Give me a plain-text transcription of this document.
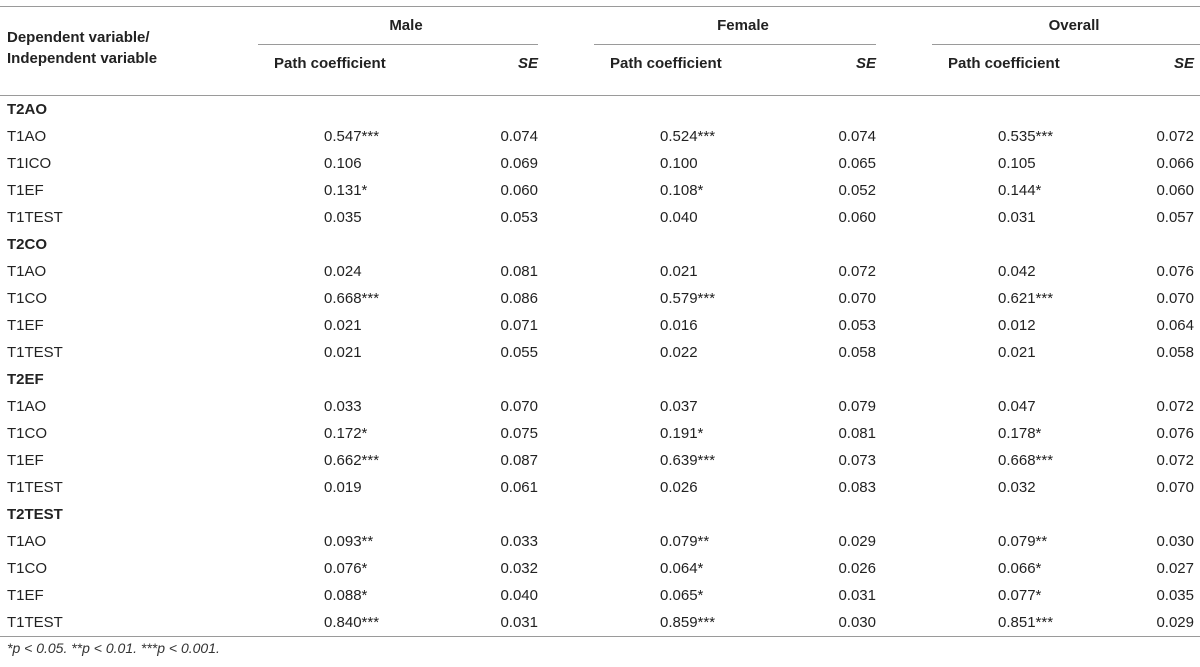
Dependent variable/
Independent variable	Male				Female				Overall		
		Path coefficient	SE			Path coefficient	SE			Path coefficient	SE

T2AO											
T1AO		0.547***	0.074			0.524***	0.074			0.535***	0.072
T1ICO		0.106	0.069			0.100	0.065			0.105	0.066
T1EF		0.131*	0.060			0.108*	0.052			0.144*	0.060
T1TEST		0.035	0.053			0.040	0.060			0.031	0.057
T2CO											
T1AO		0.024	0.081			0.021	0.072			0.042	0.076
T1CO		0.668***	0.086			0.579***	0.070			0.621***	0.070
T1EF		0.021	0.071			0.016	0.053			0.012	0.064
T1TEST		0.021	0.055			0.022	0.058			0.021	0.058
T2EF											
T1AO		0.033	0.070			0.037	0.079			0.047	0.072
T1CO		0.172*	0.075			0.191*	0.081			0.178*	0.076
T1EF		0.662***	0.087			0.639***	0.073			0.668***	0.072
T1TEST		0.019	0.061			0.026	0.083			0.032	0.070
T2TEST											
T1AO		0.093**	0.033			0.079**	0.029			0.079**	0.030
T1CO		0.076*	0.032			0.064*	0.026			0.066*	0.027
T1EF		0.088*	0.040			0.065*	0.031			0.077*	0.035
T1TEST		0.840***	0.031			0.859***	0.030			0.851***	0.029
*p < 0.05. **p < 0.01. ***p < 0.001.
